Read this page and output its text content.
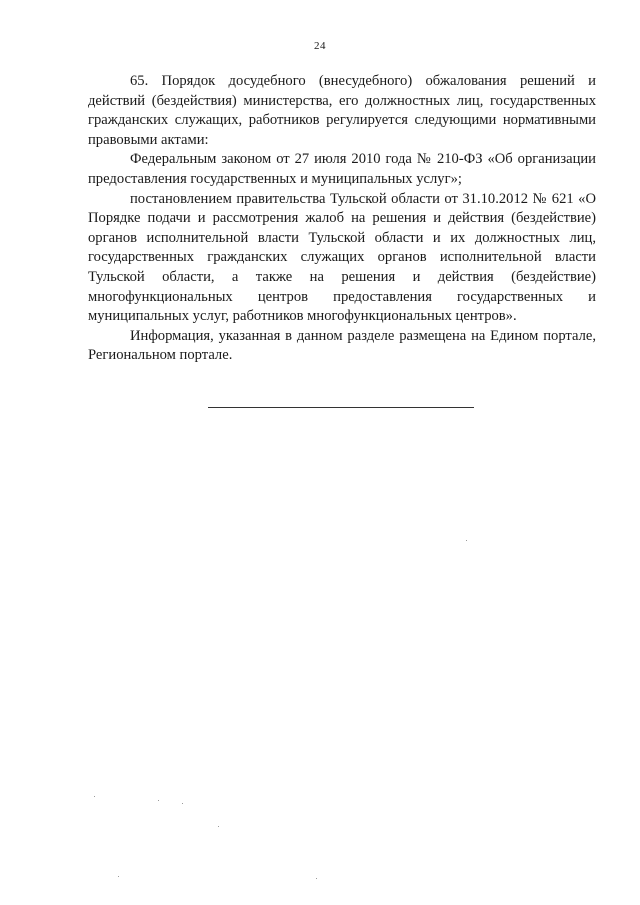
24

65. Порядок досудебного (внесудебного) обжалования решений и действий (бездействия) министерства, его должностных лиц, государственных гражданских служащих, работников регулируется следующими нормативными правовыми актами:

Федеральным законом от 27 июля 2010 года № 210-ФЗ «Об организации предоставления государственных и муниципальных услуг»;

постановлением правительства Тульской области от 31.10.2012 № 621 «О Порядке подачи и рассмотрения жалоб на решения и действия (бездействие) органов исполнительной власти Тульской области и их должностных лиц, государственных гражданских служащих органов исполнительной власти Тульской области, а также на решения и действия (бездействие) многофункциональных центров предоставления государственных и муниципальных услуг, работников многофункциональных центров».

Информация, указанная в данном разделе размещена на Едином портале, Региональном портале.
